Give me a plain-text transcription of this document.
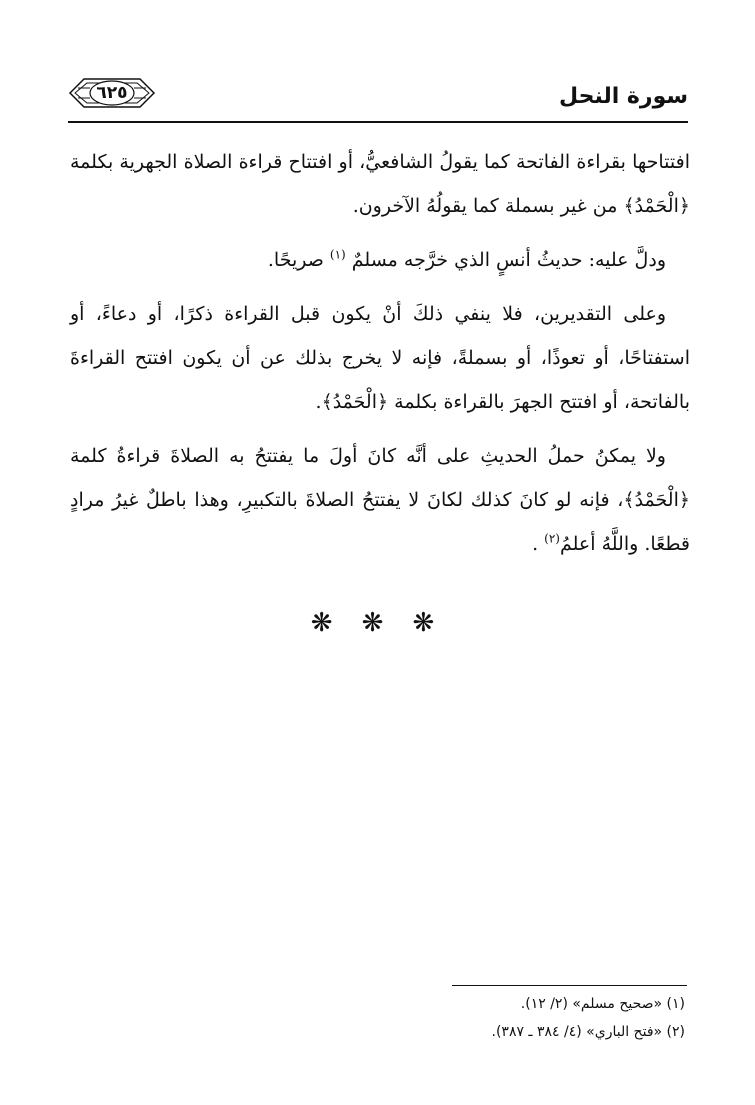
٦٢٥	سورة النحل

افتتاحها بقراءة الفاتحة كما يقولُ الشافعيُّ، أو افتتاح قراءة الصلاة الجهرية بكلمة ﴿الْحَمْدُ﴾ من غير بسملة كما يقولُهُ الآخرون.

ودلَّ عليه: حديثُ أنسٍ الذي خرَّجه مسلمٌ $^{(١)}$ صريحًا.

وعلى التقديرين، فلا ينفي ذلكَ أنْ يكون قبل القراءة ذكرًا، أو دعاءً، أو استفتاحًا، أو تعوذًا، أو بسملةً، فإنه لا يخرج بذلك عن أن يكون افتتح القراءةَ بالفاتحة، أو افتتح الجهرَ بالقراءة بكلمة ﴿الْحَمْدُ﴾.

ولا يمكنُ حملُ الحديثِ على أنَّه كانَ أولَ ما يفتتحُ به الصلاةَ قراءةُ كلمة ﴿الْحَمْدُ﴾، فإنه لو كانَ كذلك لكانَ لا يفتتحُ الصلاةَ بالتكبيرِ، وهذا باطلٌ غيرُ مرادٍ قطعًا. واللَّهُ أعلمُ$^{(٢)}$ .

❋ ❋ ❋
(١) «صحيح مسلم» (٢/ ١٢).
(٢) «فتح الباري» (٤/ ٣٨٤ ـ ٣٨٧).
